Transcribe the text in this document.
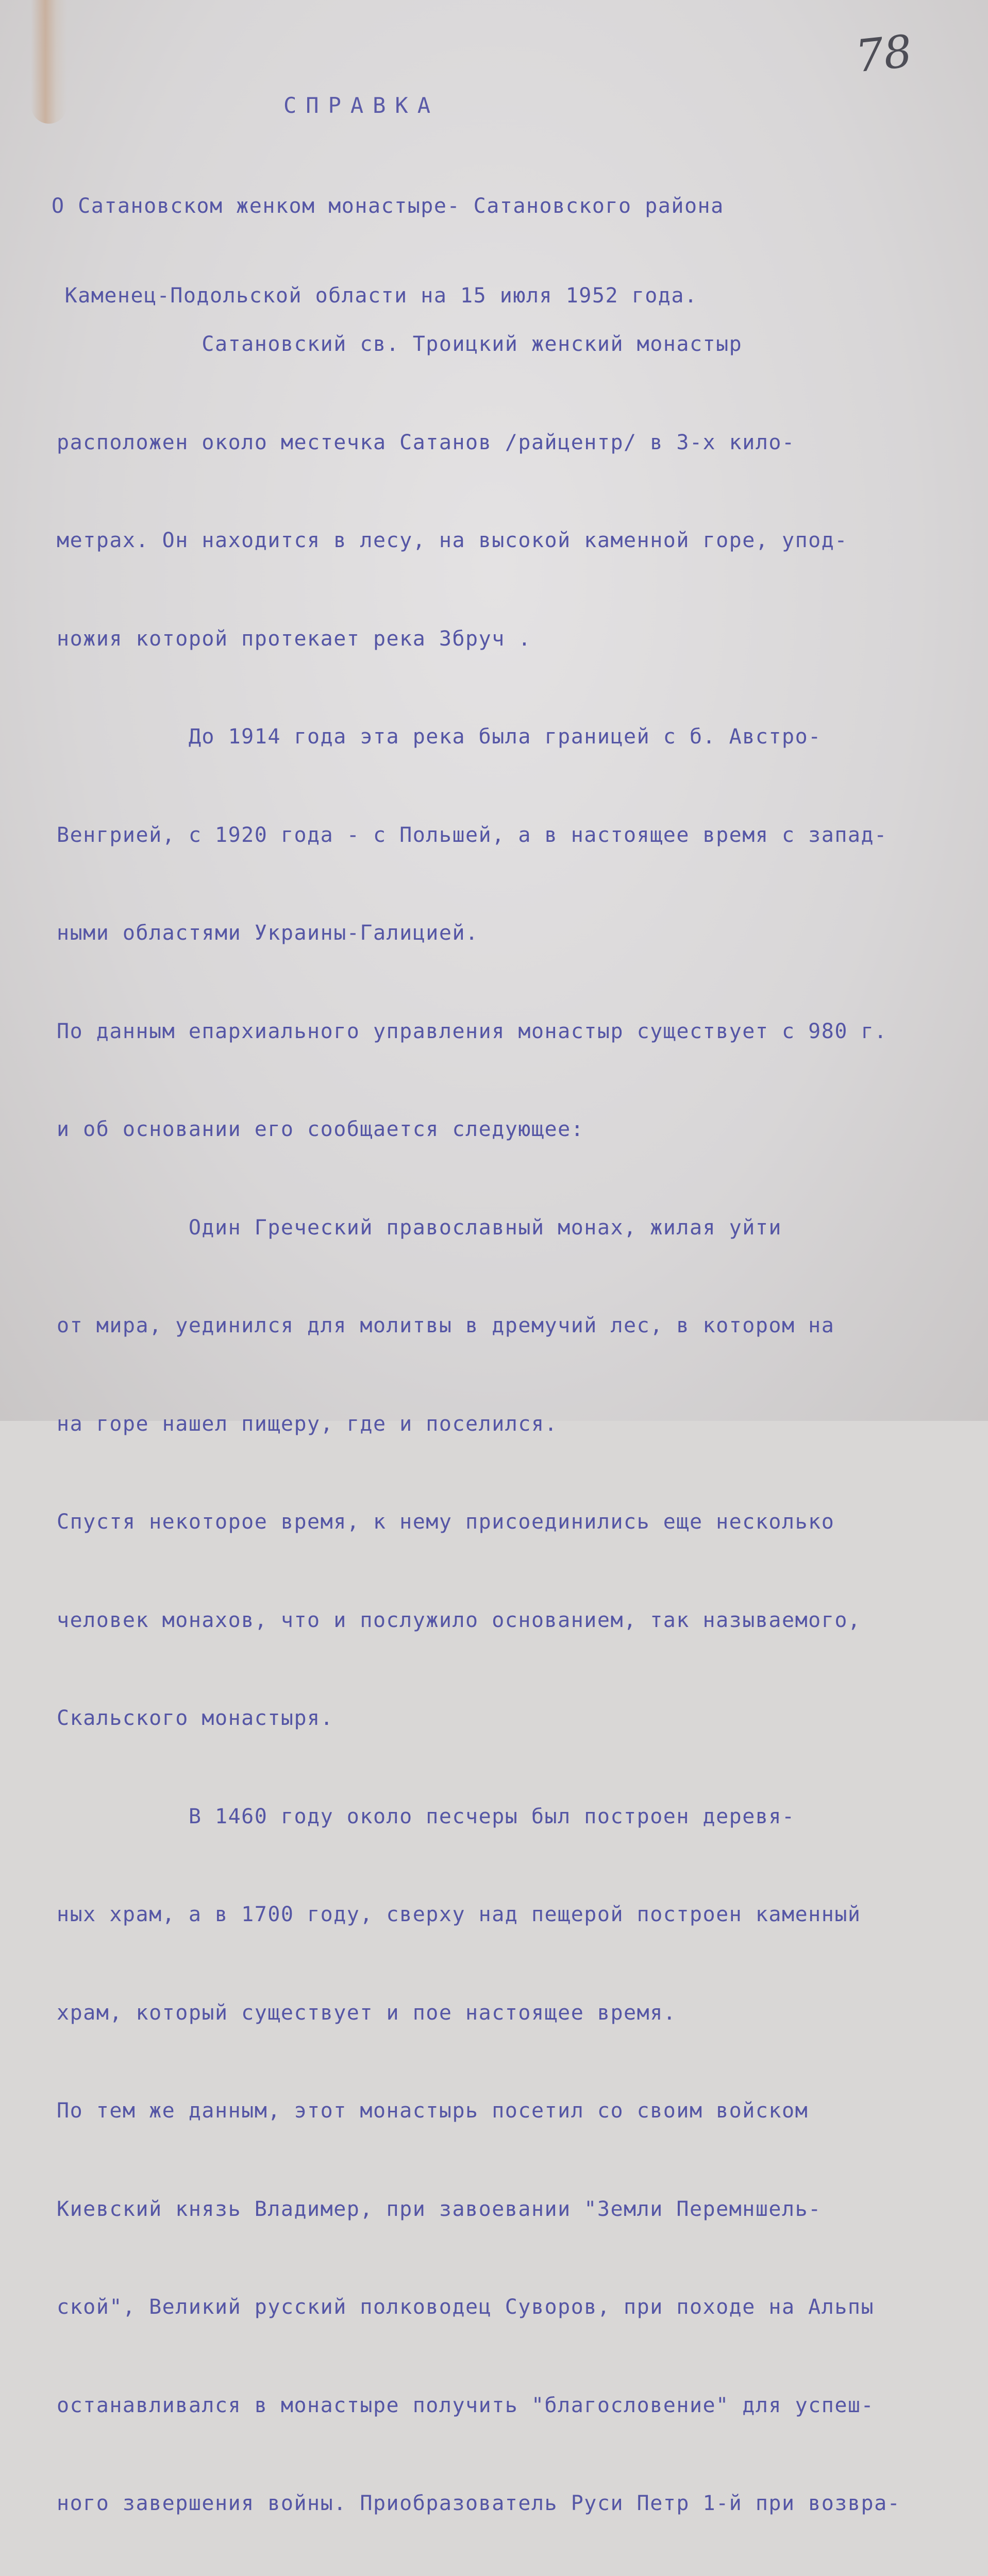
78
СПРАВКА

О Сатановском женком монастыре- Сатановского района

Каменец-Подольской области на 15 июля 1952 года.

Сатановский св. Троицкий женский монастыр

расположен около местечка Сатанов /райцентр/ в 3-х кило-

метрах. Он находится в лесу, на высокой каменной горе, упод-

ножия которой протекает река Збруч .

До 1914 года эта река была границей с б. Австро-

Венгрией, с 1920 года - с Польшей, а в настоящее время с запад-

ными областями Украины-Галицией.

По данным епархиального управления монастыр существует с 980 г.

и об основании его сообщается следующее:

Один Греческий православный монах, жилая уйти

от мира, уединился для молитвы в дремучий лес, в котором на

на горе нашел пищеру, где и поселился.

Спустя некоторое время, к нему присоединились еще несколько

человек монахов, что и послужило основанием, так называемого,

Скальского монастыря.

В 1460 году около песчеры был построен деревя-

ных храм, а в 1700 году, сверху над пещерой построен каменный

храм, который существует и пое настоящее время.

По тем же данным, этот монастырь посетил со своим войском

Киевский князь Владимер, при завоевании "Земли Перемншель-

ской", Великий русский полководец Суворов, при походе на Альпы

останавливался в монастыре получить "благословение" для успеш-

ного завершения войны. Приобразователь Руси Петр 1-й при возвра-
